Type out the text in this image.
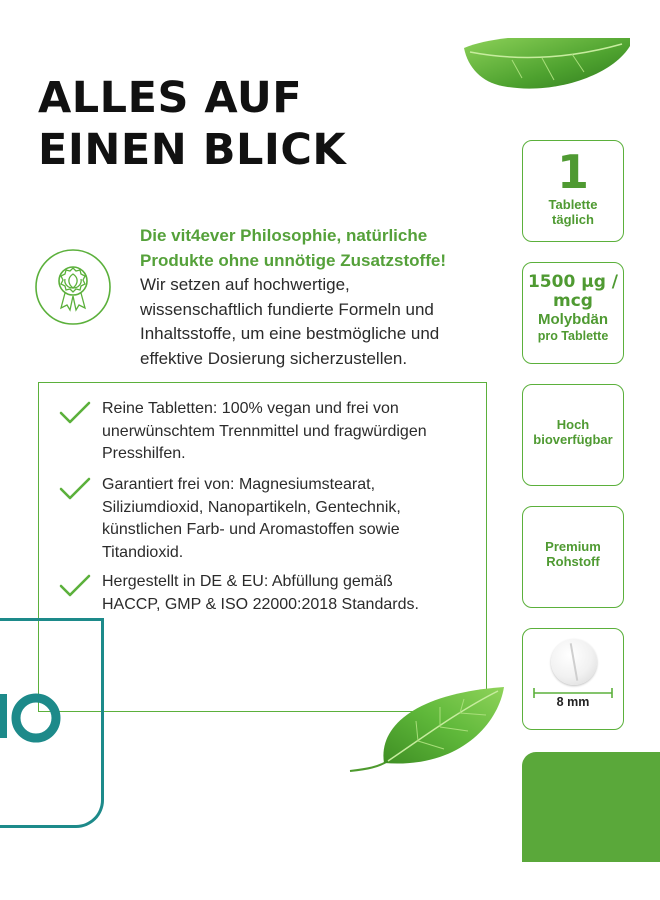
ALLES AUF
EINEN BLICK
Die vit4ever Philosophie, natürliche Produkte ohne unnötige Zusatzstoffe!
Wir setzen auf hochwertige, wissenschaftlich fundierte Formeln und Inhaltsstoffe, um eine bestmögliche und effektive Dosierung sicherzustellen.
Reine Tabletten: 100% vegan und frei von unerwünschtem Trennmittel und fragwürdigen Presshilfen.
Garantiert frei von: Magnesiumstearat, Siliziumdioxid, Nanopartikeln, Gentechnik, künstlichen Farb- und Aromastoffen sowie Titandioxid.
Hergestellt in DE & EU: Abfüllung gemäß HACCP, GMP & ISO 22000:2018 Standards.
1
Tablette
täglich
1500 µg /
mcg
Molybdän
pro Tablette
Hoch
bioverfügbar
Premium
Rohstoff
8 mm
